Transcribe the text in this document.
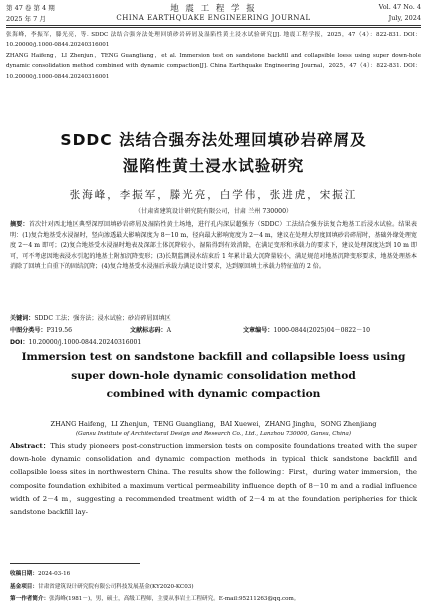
第 47 卷 第 4 期
2025 年 7 月
地 震 工 程 学 报
CHINA EARTHQUAKE ENGINEERING JOURNAL
Vol. 47 No. 4
July, 2024
张海峰，李振军，滕光亮，等. SDDC 法结合强夯法处理回填砂岩碎屑及湿陷性黄土浸水试验研究[J]. 地震工程学报，2025，47（4）：822-831. DOI：10.20000/j.1000-0844.20240316001
ZHANG Haifeng，LI Zhenjun，TENG Guangliang，et al. Immersion test on sandstone backfill and collapsible loess using super down-hole dynamic consolidation method combined with dynamic compaction[J]. China Earthquake Engineering Journal，2025，47（4）：822-831. DOI：10.20000/j.1000-0844.20240316001
SDDC 法结合强夯法处理回填砂岩碎屑及
湿陷性黄土浸水试验研究
张海峰，李振军，滕光亮，白学伟，张进虎，宋振江
（甘肃省建筑设计研究院有限公司，甘肃 兰州 730000）
摘要：首次针对西北地区典型深厚回填砂岩碎屑及湿陷性黄土场地，进行孔内深层超强夯（SDDC）工法结合强夯法复合地基工后浸水试验。结果表明：(1)复合地基受水浸湿时，竖向渗透最大影响深度为 8～10 m，径向最大影响宽度为 2～4 m，建议在处理大厚度回填砂岩碎屑时，基础外缘处理宽度 2～4 m 即可；(2)复合地基受水浸湿时地表及深部土体沉降较小，湿陷得到有效消除，在满足变形和承载力的要求下，建议处理深度达到 10 m 即可，可不考虑因地表浸水引起的地基土附加沉降变形；(3)长期监测浸水结束后 1 年累计最大沉降量较小，满足规范对地基沉降变形要求，地基处理基本消除了回填土自重下的固结沉降；(4)复合地基受水浸湿后承载力满足设计要求，达到原回填土承载力特征值的 2 倍。
关键词：SDDC 工法；强夯法；浸水试验；砂岩碎屑回填区
中图分类号：P319.56	文献标志码：A	文章编号：1000-0844(2025)04－0822－10
DOI：10.20000/j.1000-0844.20240316001
Immersion test on sandstone backfill and collapsible loess using
super down-hole dynamic consolidation method
combined with dynamic compaction
ZHANG Haifeng，LI Zhenjun，TENG Guangliang，BAI Xuewei，ZHANG Jinghu，SONG Zhenjiang
(Gansu Institute of Architectural Design and Research Co., Ltd., Lanzhou 730000, Gansu, China)
Abstract：This study pioneers post-construction immersion tests on composite foundations treated with the super down-hole dynamic consolidation and dynamic compaction methods in typical thick sandstone backfill and collapsible loess sites in northwestern China. The results show the following：First，during water immersion，the composite foundation exhibited a maximum vertical permeability influence depth of 8－10 m and a radial influence width of 2－4 m，suggesting a recommended treatment width of 2－4 m at the foundation peripheries for thick sandstone backfill lay-
收稿日期：2024-03-16
基金项目：甘肃省建筑设计研究院有限公司科技发展基金(KY2020-KC03)
第一作者简介：张海峰(1981－)，男，硕士，高级工程师，主要从事岩土工程研究。E-mail:95211263@qq.com。
